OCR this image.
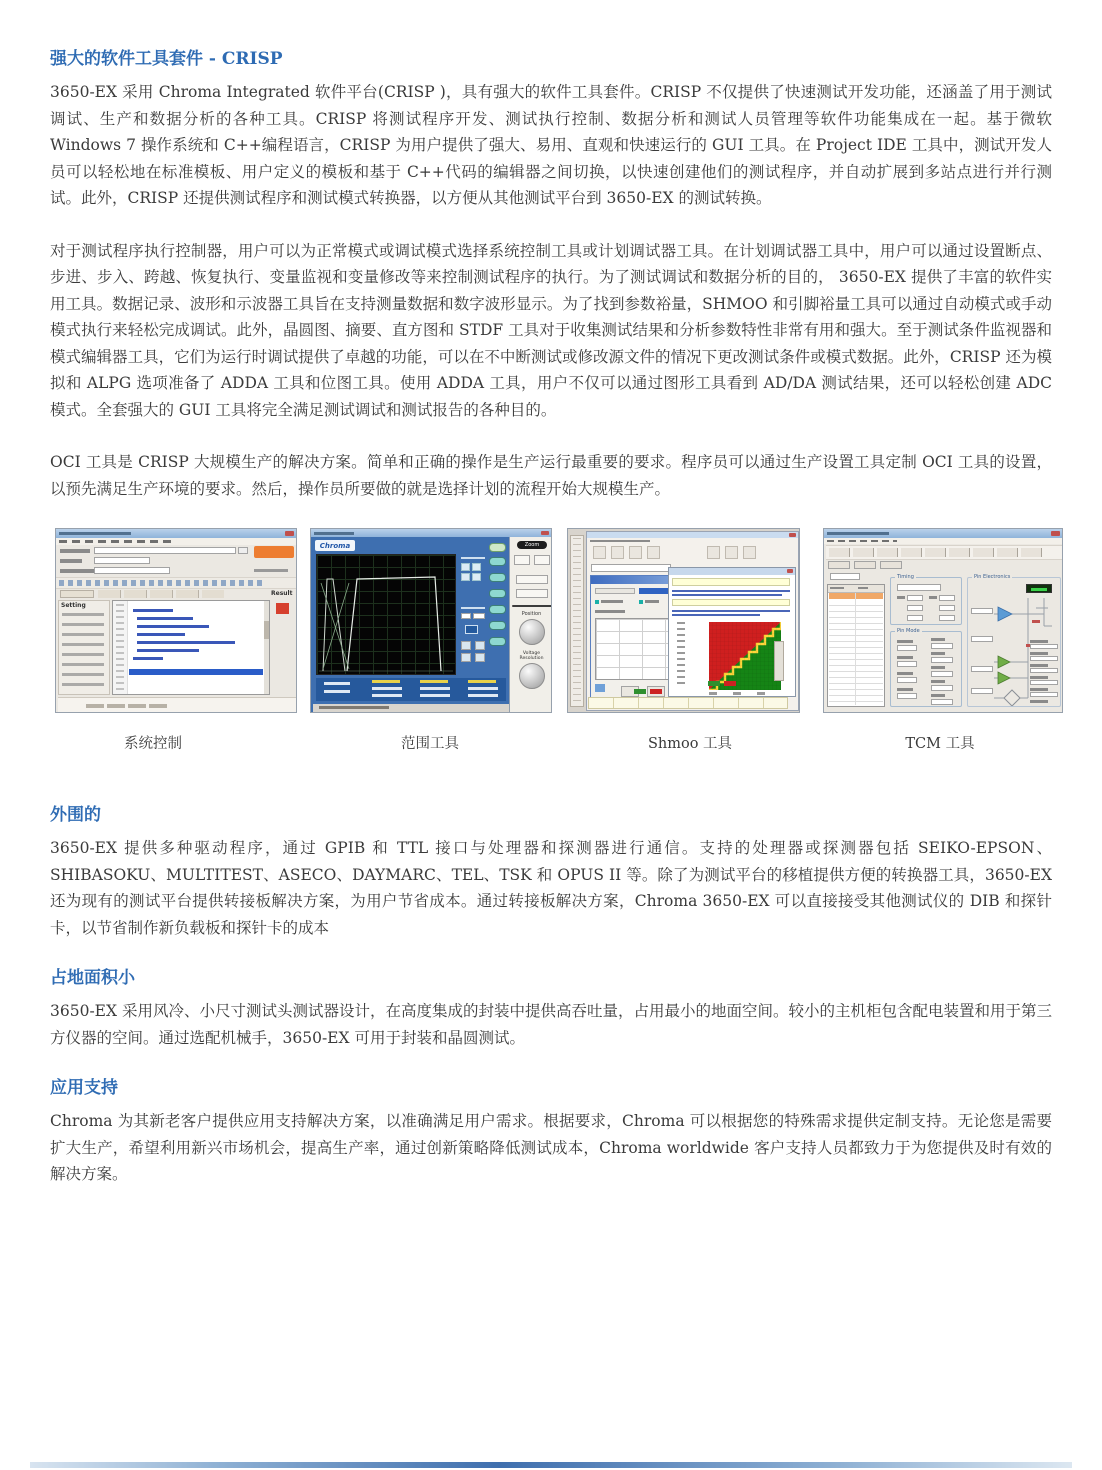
强大的软件工具套件 - CRISP

3650-EX 采用 Chroma Integrated 软件平台(CRISP )，具有强大的软件工具套件。CRISP 不仅提供了快速测试开发功能，还涵盖了用于测试调试、生产和数据分析的各种工具。CRISP 将测试程序开发、测试执行控制、数据分析和测试人员管理等软件功能集成在一起。基于微软 Windows 7 操作系统和 C++编程语言，CRISP 为用户提供了强大、易用、直观和快速运行的 GUI 工具。在 Project IDE 工具中，测试开发人员可以轻松地在标准模板、用户定义的模板和基于 C++代码的编辑器之间切换，以快速创建他们的测试程序，并自动扩展到多站点进行并行测试。此外，CRISP 还提供测试程序和测试模式转换器，以方便从其他测试平台到 3650-EX 的测试转换。

对于测试程序执行控制器，用户可以为正常模式或调试模式选择系统控制工具或计划调试器工具。在计划调试器工具中，用户可以通过设置断点、步进、步入、跨越、恢复执行、变量监视和变量修改等来控制测试程序的执行。为了测试调试和数据分析的目的， 3650-EX 提供了丰富的软件实用工具。数据记录、波形和示波器工具旨在支持测量数据和数字波形显示。为了找到参数裕量，SHMOO 和引脚裕量工具可以通过自动模式或手动模式执行来轻松完成调试。此外，晶圆图、摘要、直方图和 STDF 工具对于收集测试结果和分析参数特性非常有用和强大。至于测试条件监视器和模式编辑器工具，它们为运行时调试提供了卓越的功能，可以在不中断测试或修改源文件的情况下更改测试条件或模式数据。此外，CRISP 还为模拟和 ALPG 选项准备了 ADDA 工具和位图工具。使用 ADDA 工具，用户不仅可以通过图形工具看到 AD/DA 测试结果，还可以轻松创建 ADC 模式。全套强大的 GUI 工具将完全满足测试调试和测试报告的各种目的。

OCI 工具是 CRISP 大规模生产的解决方案。简单和正确的操作是生产运行最重要的要求。程序员可以通过生产设置工具定制 OCI 工具的设置，以预先满足生产环境的要求。然后，操作员所要做的就是选择计划的流程开始大规模生产。

Result
Setting
Chroma	Zoom
Position
Voltage Resolution
Timing
Pin Mode
Pin Electronics
系统控制	范围工具	Shmoo 工具	TCM 工具
外围的

3650-EX 提供多种驱动程序，通过 GPIB 和 TTL 接口与处理器和探测器进行通信。支持的处理器或探测器包括 SEIKO-EPSON、SHIBASOKU、MULTITEST、ASECO、DAYMARC、TEL、TSK 和 OPUS II 等。除了为测试平台的移植提供方便的转换器工具，3650-EX 还为现有的测试平台提供转接板解决方案，为用户节省成本。通过转接板解决方案，Chroma 3650-EX 可以直接接受其他测试仪的 DIB 和探针卡，以节省制作新负载板和探针卡的成本

占地面积小

3650-EX 采用风冷、小尺寸测试头测试器设计，在高度集成的封装中提供高吞吐量，占用最小的地面空间。较小的主机柜包含配电装置和用于第三方仪器的空间。通过选配机械手，3650-EX 可用于封装和晶圆测试。

应用支持

Chroma 为其新老客户提供应用支持解决方案，以准确满足用户需求。根据要求，Chroma 可以根据您的特殊需求提供定制支持。无论您是需要扩大生产，希望利用新兴市场机会，提高生产率，通过创新策略降低测试成本，Chroma worldwide 客户支持人员都致力于为您提供及时有效的解决方案。
